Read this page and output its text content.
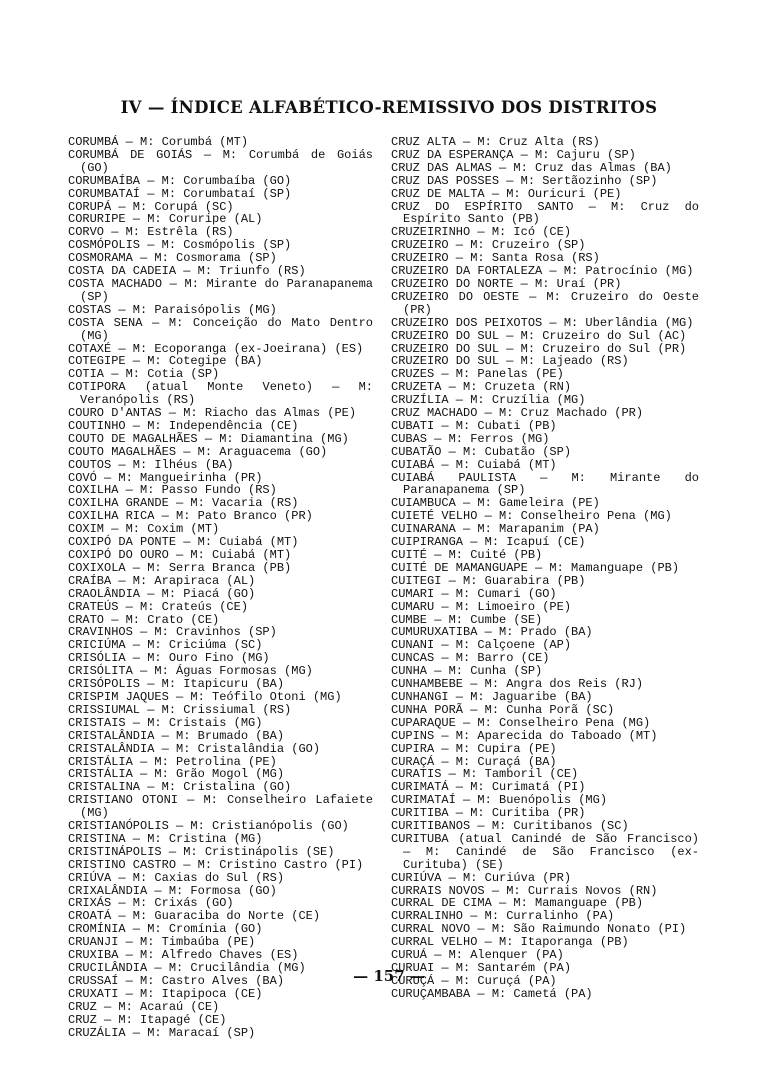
IV — ÍNDICE ALFABÉTICO-REMISSIVO DOS DISTRITOS

CORUMBÁ — M: Corumbá (MT)

CORUMBÁ DE GOIÁS — M: Corumbá de Goiás (GO)

CORUMBAÍBA — M: Corumbaíba (GO)

CORUMBATAÍ — M: Corumbataí (SP)

CORUPÁ — M: Corupá (SC)

CORURIPE — M: Coruripe (AL)

CORVO — M: Estrêla (RS)

COSMÓPOLIS — M: Cosmópolis (SP)

COSMORAMA — M: Cosmorama (SP)

COSTA DA CADEIA — M: Triunfo (RS)

COSTA MACHADO — M: Mirante do Paranapanema (SP)

COSTAS — M: Paraisópolis (MG)

COSTA SENA — M: Conceição do Mato Dentro (MG)

COTAXÉ — M: Ecoporanga (ex-Joeirana) (ES)

COTEGIPE — M: Cotegipe (BA)

COTIA — M: Cotia (SP)

COTIPORA (atual Monte Veneto) — M: Veranópolis (RS)

COURO D'ANTAS — M: Riacho das Almas (PE)

COUTINHO — M: Independência (CE)

COUTO DE MAGALHÃES — M: Diamantina (MG)

COUTO MAGALHÃES — M: Araguacema (GO)

COUTOS — M: Ilhéus (BA)

COVÓ — M: Mangueirinha (PR)

COXILHA — M: Passo Fundo (RS)

COXILHA GRANDE — M: Vacaria (RS)

COXILHA RICA — M: Pato Branco (PR)

COXIM — M: Coxim (MT)

COXIPÓ DA PONTE — M: Cuiabá (MT)

COXIPÓ DO OURO — M: Cuiabá (MT)

COXIXOLA — M: Serra Branca (PB)

CRAÍBA — M: Arapiraca (AL)

CRAOLÂNDIA — M: Piacá (GO)

CRATEÚS — M: Crateús (CE)

CRATO — M: Crato (CE)

CRAVINHOS — M: Cravinhos (SP)

CRICIÚMA — M: Criciúma (SC)

CRISÓLIA — M: Ouro Fino (MG)

CRISÓLITA — M: Águas Formosas (MG)

CRISÓPOLIS — M: Itapicuru (BA)

CRISPIM JAQUES — M: Teófilo Otoni (MG)

CRISSIUMAL — M: Crissiumal (RS)

CRISTAIS — M: Cristais (MG)

CRISTALÂNDIA — M: Brumado (BA)

CRISTALÂNDIA — M: Cristalândia (GO)

CRISTÁLIA — M: Petrolina (PE)

CRISTÁLIA — M: Grão Mogol (MG)

CRISTALINA — M: Cristalina (GO)

CRISTIANO OTONI — M: Conselheiro Lafaiete (MG)

CRISTIANÓPOLIS — M: Cristianópolis (GO)

CRISTINA — M: Cristina (MG)

CRISTINÁPOLIS — M: Cristinápolis (SE)

CRISTINO CASTRO — M: Cristino Castro (PI)

CRIÚVA — M: Caxias do Sul (RS)

CRIXALÂNDIA — M: Formosa (GO)

CRIXÁS — M: Crixás (GO)

CROATÁ — M: Guaraciba do Norte (CE)

CROMÍNIA — M: Cromínia (GO)

CRUANJI — M: Timbaúba (PE)

CRUXIBA — M: Alfredo Chaves (ES)

CRUCILÂNDIA — M: Crucilândia (MG)

CRUSSAÍ — M: Castro Alves (BA)

CRUXATI — M: Itapipoca (CE)

CRUZ — M: Acaraú (CE)

CRUZ — M: Itapagé (CE)

CRUZÁLIA — M: Maracaí (SP)

CRUZ ALTA — M: Cruz Alta (RS)

CRUZ DA ESPERANÇA — M: Cajuru (SP)

CRUZ DAS ALMAS — M: Cruz das Almas (BA)

CRUZ DAS POSSES — M: Sertãozinho (SP)

CRUZ DE MALTA — M: Ouricuri (PE)

CRUZ DO ESPÍRITO SANTO — M: Cruz do Espírito Santo (PB)

CRUZEIRINHO — M: Icó (CE)

CRUZEIRO — M: Cruzeiro (SP)

CRUZEIRO — M: Santa Rosa (RS)

CRUZEIRO DA FORTALEZA — M: Patrocínio (MG)

CRUZEIRO DO NORTE — M: Uraí (PR)

CRUZEIRO DO OESTE — M: Cruzeiro do Oeste (PR)

CRUZEIRO DOS PEIXOTOS — M: Uberlândia (MG)

CRUZEIRO DO SUL — M: Cruzeiro do Sul (AC)

CRUZEIRO DO SUL — M: Cruzeiro do Sul (PR)

CRUZEIRO DO SUL — M: Lajeado (RS)

CRUZES — M: Panelas (PE)

CRUZETA — M: Cruzeta (RN)

CRUZÍLIA — M: Cruzília (MG)

CRUZ MACHADO — M: Cruz Machado (PR)

CUBATI — M: Cubati (PB)

CUBAS — M: Ferros (MG)

CUBATÃO — M: Cubatão (SP)

CUIABÁ — M: Cuiabá (MT)

CUIABÁ PAULISTA — M: Mirante do Paranapanema (SP)

CUIAMBUCA — M: Gameleira (PE)

CUIETÉ VELHO — M: Conselheiro Pena (MG)

CUINARANA — M: Marapanim (PA)

CUIPIRANGA — M: Icapuí (CE)

CUITÉ — M: Cuité (PB)

CUITÉ DE MAMANGUAPE — M: Mamanguape (PB)

CUITEGI — M: Guarabira (PB)

CUMARI — M: Cumari (GO)

CUMARU — M: Limoeiro (PE)

CUMBE — M: Cumbe (SE)

CUMURUXATIBA — M: Prado (BA)

CUNANI — M: Calçoene (AP)

CUNCAS — M: Barro (CE)

CUNHA — M: Cunha (SP)

CUNHAMBEBE — M: Angra dos Reis (RJ)

CUNHANGI — M: Jaguaribe (BA)

CUNHA PORÃ — M: Cunha Porã (SC)

CUPARAQUE — M: Conselheiro Pena (MG)

CUPINS — M: Aparecida do Taboado (MT)

CUPIRA — M: Cupira (PE)

CURAÇÁ — M: Curaçá (BA)

CURATIS — M: Tamboril (CE)

CURIMATÁ — M: Curimatá (PI)

CURIMATAÍ — M: Buenópolis (MG)

CURITIBA — M: Curitiba (PR)

CURITIBANOS — M: Curitibanos (SC)

CURITUBA (atual Canindé de São Francisco) — M: Canindé de São Francisco (ex-Curituba) (SE)

CURIÚVA — M: Curiúva (PR)

CURRAIS NOVOS — M: Currais Novos (RN)

CURRAL DE CIMA — M: Mamanguape (PB)

CURRALINHO — M: Curralinho (PA)

CURRAL NOVO — M: São Raimundo Nonato (PI)

CURRAL VELHO — M: Itaporanga (PB)

CURUÁ — M: Alenquer (PA)

CURUAI — M: Santarém (PA)

CURUÇÁ — M: Curuçá (PA)

CURUÇAMBABA — M: Cametá (PA)

— 157 —
